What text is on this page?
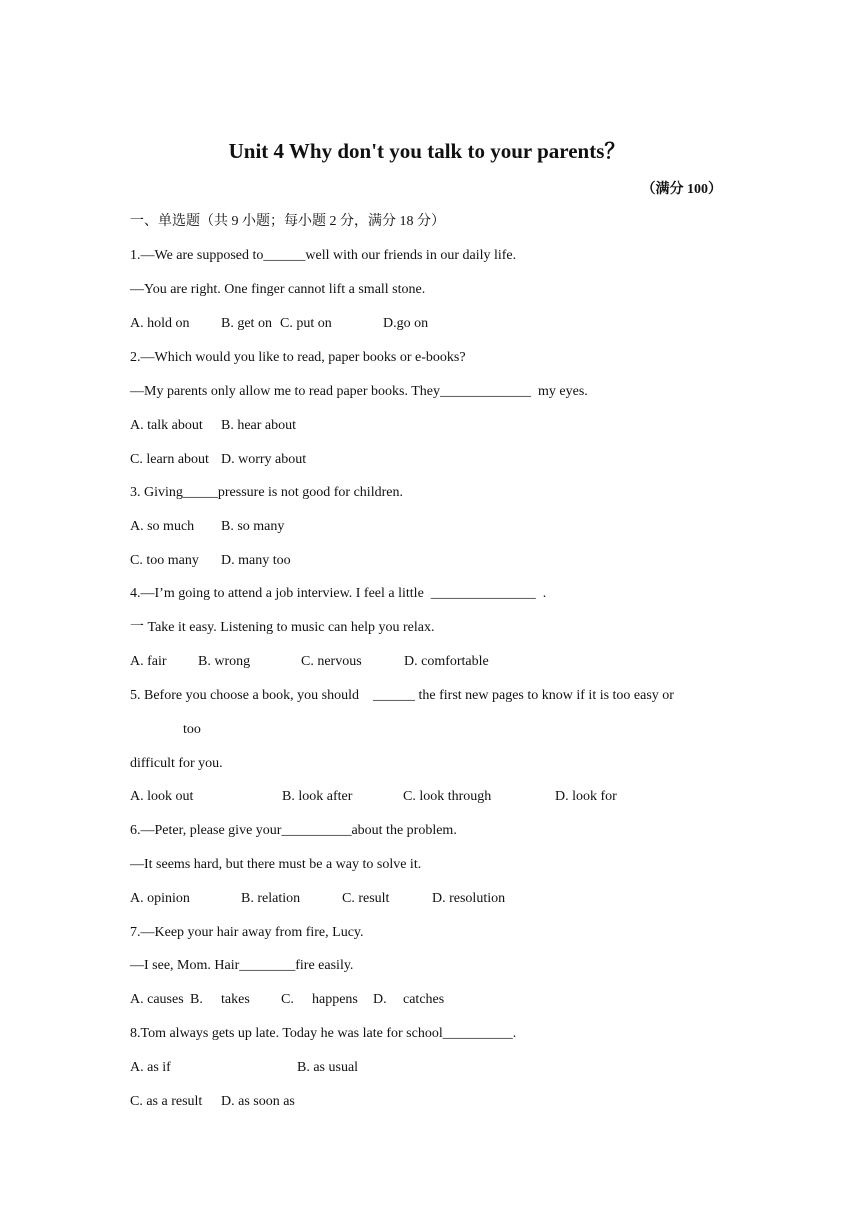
Unit 4 Why don't you talk to your parents？
（满分 100）
一、单选题（共 9 小题；每小题 2 分，满分 18 分）
1.—We are supposed to______well with our friends in our daily life.
—You are right. One finger cannot lift a small stone.
A. hold on B. get on C. put on	D.go on
2.—Which would you like to read, paper books or e-books?
—My parents only allow me to read paper books. They_____________  my eyes.
A. talk about B. hear about
C. learn about D. worry about
3. Giving_____pressure is not good for children.
A. so much B. so many
C. too many D. many too
4.—I’m going to attend a job interview. I feel a little  _______________  .
一 Take it easy. Listening to music can help you relax.
A. fair B. wrong	C. nervous	D. comfortable
5. Before you choose a book, you should    ______ the first new pages to know if it is too easy or
too
difficult for you.
A. look out	B. look after	C. look through	D. look for
6.—Peter, please give your__________about the problem.
—It seems hard, but there must be a way to solve it.
A. opinion	B. relation	C. result	D. resolution
7.—Keep your hair away from fire, Lucy.
—I see, Mom. Hair________fire easily.
A. causes B. takes C. happens D. catches
8.Tom always gets up late. Today he was late for school__________.
A. as if	B. as usual
C. as a result D. as soon as
